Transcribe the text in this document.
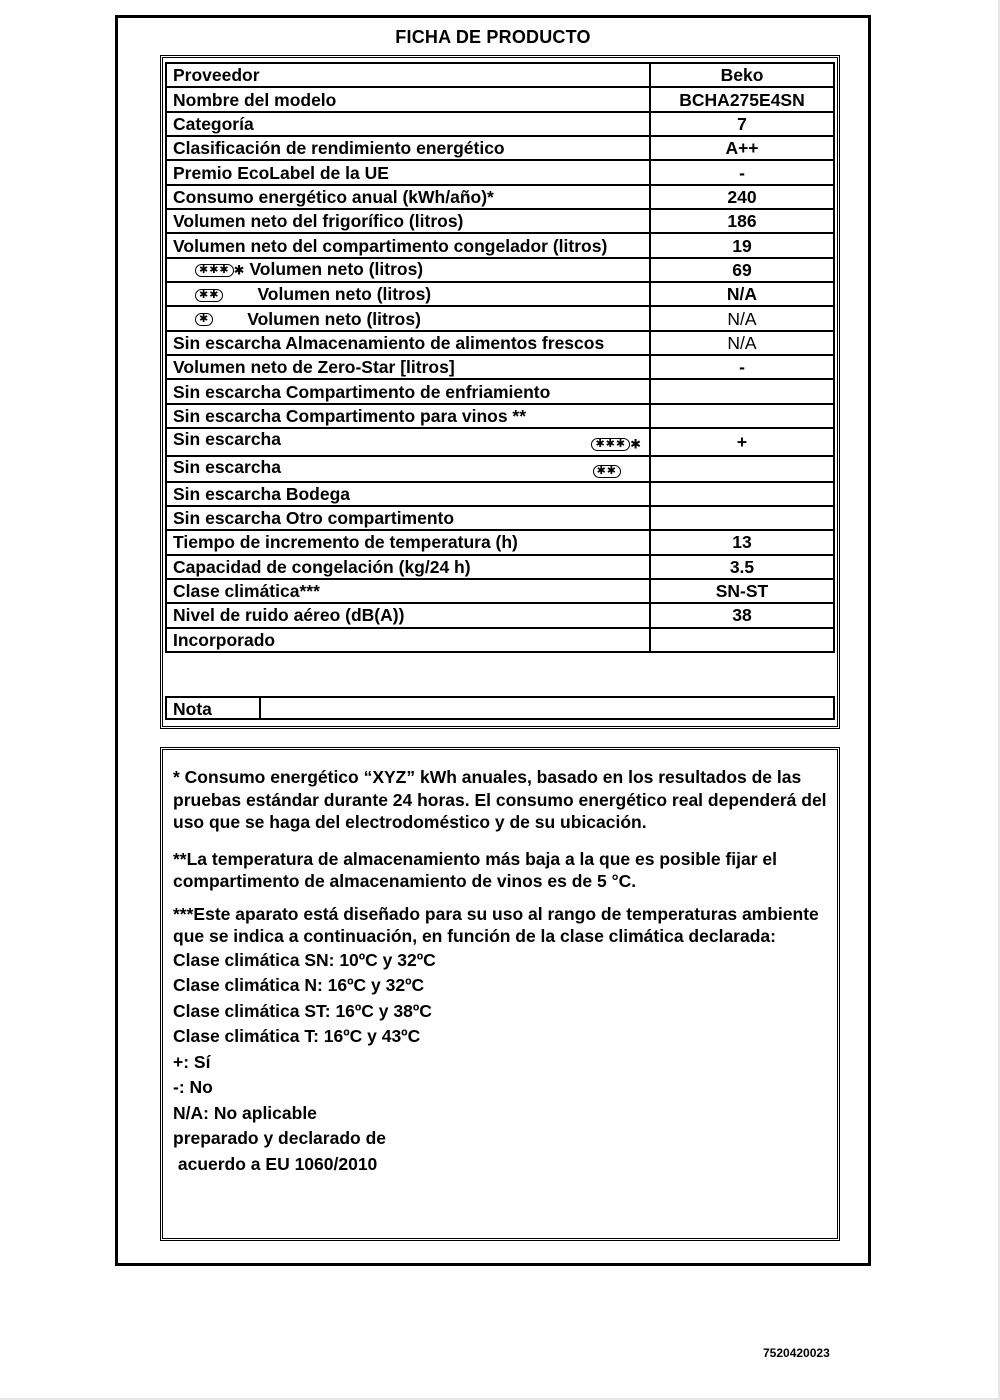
FICHA DE PRODUCTO
Proveedor	Beko
Nombre del modelo	BCHA275E4SN
Categoría	7
Clasificación de rendimiento energético	A++
Premio EcoLabel de la UE	-
Consumo energético anual (kWh/año)*	240
Volumen neto del frigorífico (litros)	186
Volumen neto del compartimento congelador (litros)	19
✱✱✱ ✱ Volumen neto (litros)	69
✱✱ Volumen neto (litros)	N/A
✱ Volumen neto (litros)	N/A
Sin escarcha Almacenamiento de alimentos frescos	N/A
Volumen neto de Zero-Star [litros]	-
Sin escarcha Compartimento de enfriamiento	
Sin escarcha Compartimento para vinos **	
Sin escarcha ✱✱✱ ✱	+
Sin escarcha ✱✱	

Sin escarcha Bodega	
Sin escarcha Otro compartimento	
Tiempo de incremento de temperatura (h)	13
Capacidad de congelación (kg/24 h)	3.5
Clase climática***	SN-ST
Nivel de ruido aéreo (dB(A))	38
Incorporado	
Nota

* Consumo energético “XYZ” kWh anuales, basado en los resultados de las pruebas estándar durante 24 horas. El consumo energético real dependerá del uso que se haga del electrodoméstico y de su ubicación.

**La temperatura de almacenamiento más baja a la que es posible fijar el compartimento de almacenamiento de vinos es de 5 °C.

***Este aparato está diseñado para su uso al rango de temperaturas ambiente que se indica a continuación, en función de la clase climática declarada:

Clase climática SN: 10ºC y 32ºC

Clase climática N: 16ºC y 32ºC

Clase climática ST: 16ºC y 38ºC

Clase climática T: 16ºC y 43ºC

+: Sí

-: No

N/A: No aplicable

preparado y declarado de

acuerdo a EU 1060/2010

7520420023
